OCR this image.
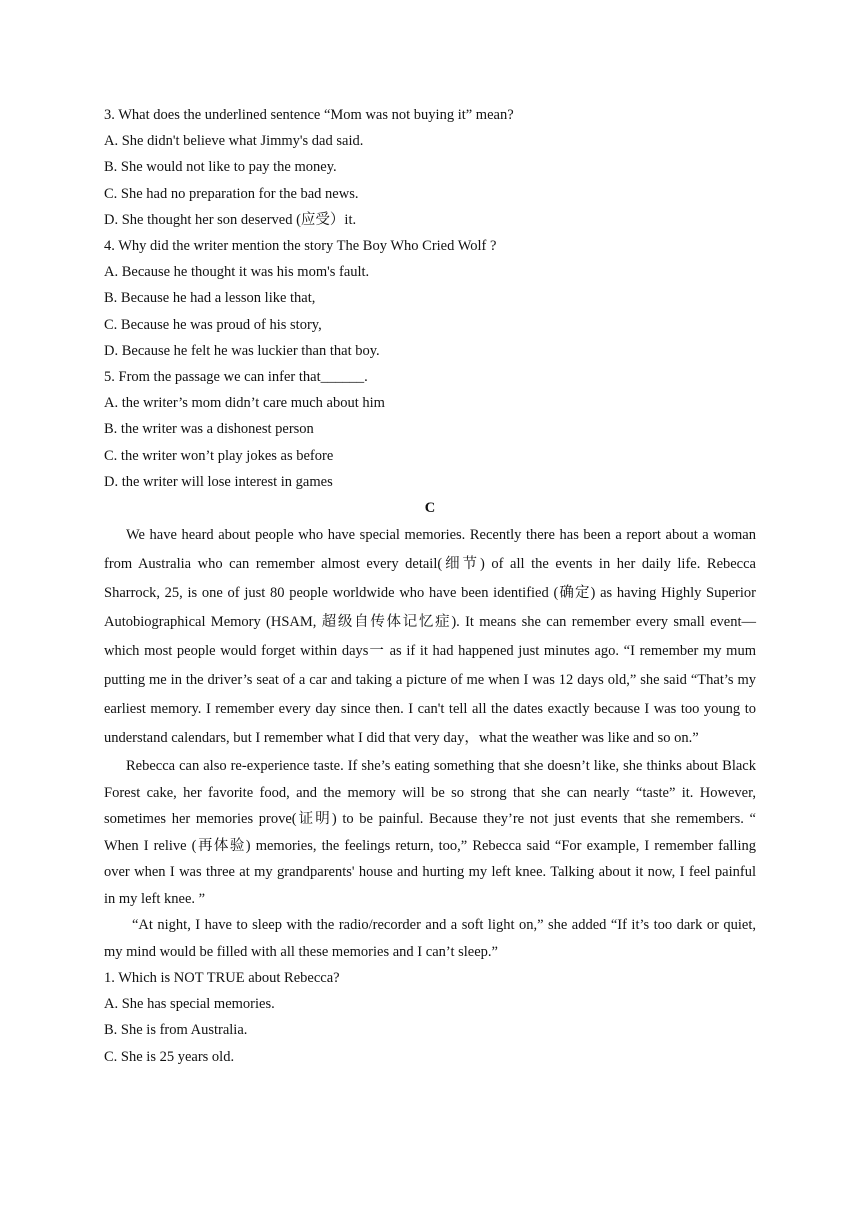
3. What does the underlined sentence “Mom was not buying it” mean?
A. She didn't believe what Jimmy's dad said.
B. She would not like to pay the money.
C. She had no preparation for the bad news.
D. She thought her son deserved (应受）it.
4. Why did the writer mention the story The Boy Who Cried Wolf ?
A. Because he thought it was his mom's fault.
B. Because he had a lesson like that,
C. Because he was proud of his story,
D. Because he felt he was luckier than that boy.
5. From the passage we can infer that______.
A. the writer’s mom didn’t care much about him
B. the writer was a dishonest person
C. the writer won’t play jokes as before
D. the writer will lose interest in games
C

We have heard about people who have special memories. Recently there has been a report about a woman from Australia who can remember almost every detail(细节) of all the events in her daily life. Rebecca Sharrock, 25, is one of just 80 people worldwide who have been identified (确定) as having Highly Superior Autobiographical Memory (HSAM, 超级自传体记忆症). It means she can remember every small event—which most people would forget within days一 as if it had happened just minutes ago. “I remember my mum putting me in the driver’s seat of a car and taking a picture of me when I was 12 days old,” she said “That’s my earliest memory. I remember every day since then. I can't tell all the dates exactly because I was too young to understand calendars, but I remember what I did that very day，what the weather was like and so on.”

Rebecca can also re-experience taste. If she’s eating something that she doesn’t like, she thinks about Black Forest cake, her favorite food, and the memory will be so strong that she can nearly “taste” it. However, sometimes her memories prove(证明) to be painful. Because they’re not just events that she remembers. “ When I relive (再体验) memories, the feelings return, too,” Rebecca said “For example, I remember falling over when I was three at my grandparents' house and hurting my left knee. Talking about it now, I feel painful in my left knee. ”

“At night, I have to sleep with the radio/recorder and a soft light on,” she added “If it’s too dark or quiet, my mind would be filled with all these memories and I can’t sleep.”

1. Which is NOT TRUE about Rebecca?
A. She has special memories.
B. She is from Australia.
C. She is 25 years old.
